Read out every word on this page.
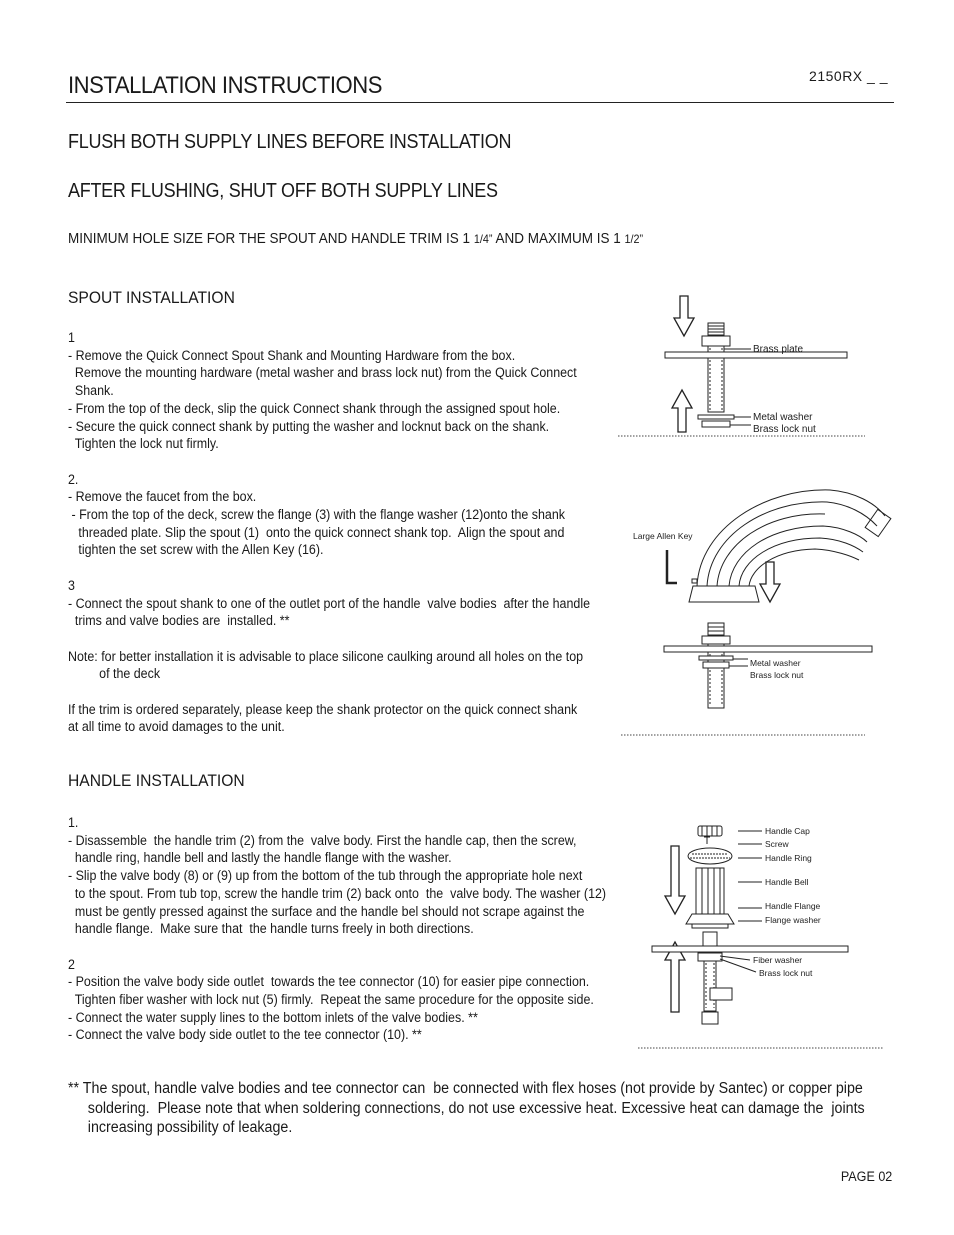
INSTALLATION INSTRUCTIONS	2150RX _ _
FLUSH BOTH SUPPLY LINES BEFORE INSTALLATION
AFTER FLUSHING, SHUT OFF BOTH SUPPLY LINES
MINIMUM HOLE SIZE FOR THE SPOUT AND HANDLE TRIM IS 1 1/4” AND MAXIMUM IS 1 1/2”
SPOUT INSTALLATION
1
- Remove the Quick Connect Spout Shank and Mounting Hardware from the box.
Remove the mounting hardware (metal washer and brass lock nut) from the Quick Connect
Shank.
- From the top of the deck, slip the quick Connect shank through the assigned spout hole.
- Secure the quick connect shank by putting the washer and locknut back on the shank.
Tighten the lock nut firmly.

2.
- Remove the faucet from the box.
- From the top of the deck, screw the flange (3) with the flange washer (12)onto the shank
threaded plate. Slip the spout (1)  onto the quick connect shank top.  Align the spout and
tighten the set screw with the Allen Key (16).

3
- Connect the spout shank to one of the outlet port of the handle  valve bodies  after the handle
trims and valve bodies are  installed. **

Note: for better installation it is advisable to place silicone caulking around all holes on the top
of the deck

If the trim is ordered separately, please keep the shank protector on the quick connect shank
at all time to avoid damages to the unit.
HANDLE INSTALLATION
1.
- Disassemble  the handle trim (2) from the  valve body. First the handle cap, then the screw,
handle ring, handle bell and lastly the handle flange with the washer.
- Slip the valve body (8) or (9) up from the bottom of the tub through the appropriate hole next
to the spout. From tub top, screw the handle trim (2) back onto  the  valve body. The washer (12)
must be gently pressed against the surface and the handle bel should not scrape against the
handle flange.  Make sure that  the handle turns freely in both directions.

2
- Position the valve body side outlet  towards the tee connector (10) for easier pipe connection.
Tighten fiber washer with lock nut (5) firmly.  Repeat the same procedure for the opposite side.
- Connect the water supply lines to the bottom inlets of the valve bodies. **
- Connect the valve body side outlet to the tee connector (10). **
** The spout, handle valve bodies and tee connector can  be connected with flex hoses (not provide by Santec) or copper pipe
soldering.  Please note that when soldering connections, do not use excessive heat. Excessive heat can damage the  joints
increasing possibility of leakage.
PAGE 02
Brass plate
Metal washer
Brass lock nut
Large Allen Key
Metal washer
Brass lock nut
Handle Cap
Screw
Handle Ring
Handle Bell
Handle Flange
Flange washer
Fiber washer
Brass lock nut
